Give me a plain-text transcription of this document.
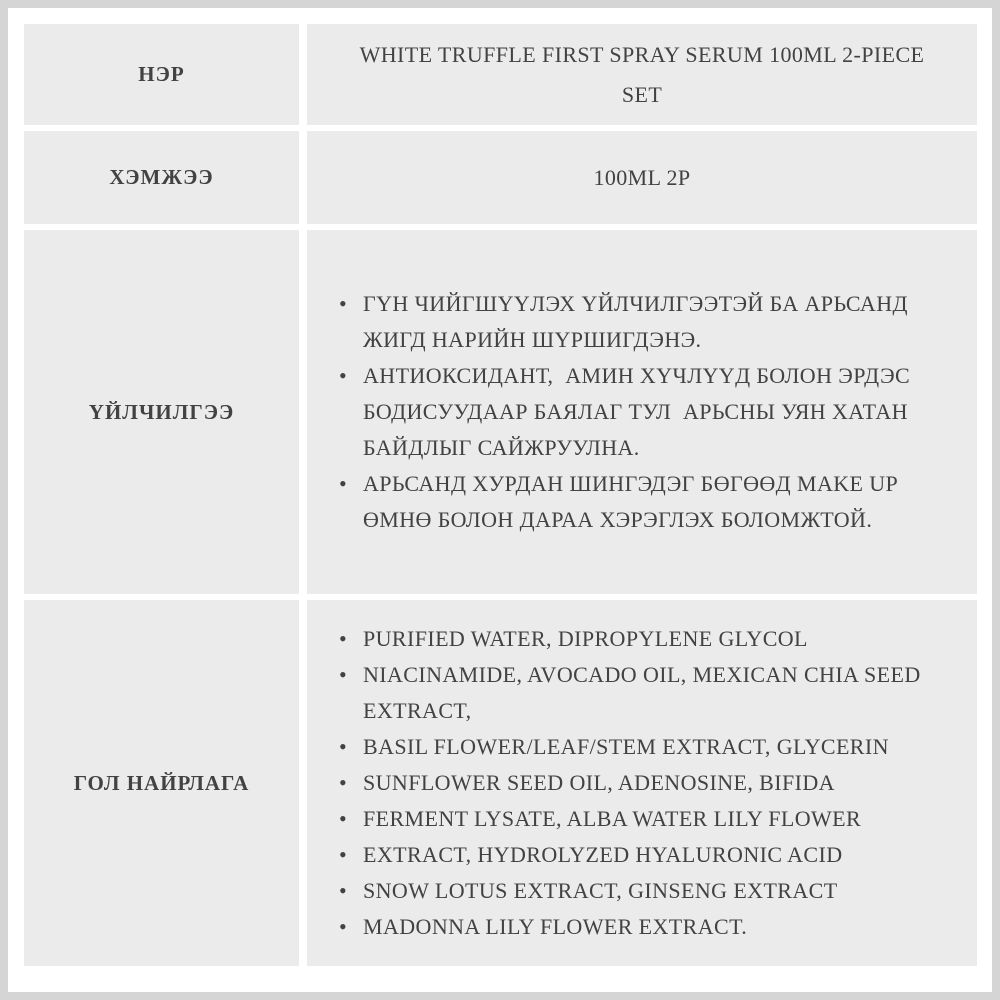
НЭР
WHITE TRUFFLE FIRST SPRAY SERUM 100ML 2-PIECE SET
ХЭМЖЭЭ	100ML 2P
ҮЙЛЧИЛГЭЭ
• ГҮН ЧИЙГШҮҮЛЭХ ҮЙЛЧИЛГЭЭТЭЙ БА АРЬСАНД ЖИГД НАРИЙН ШҮРШИГДЭНЭ.
• АНТИОКСИДАНТ,  АМИН ХҮЧЛҮҮД БОЛОН ЭРДЭС БОДИСУУДААР БАЯЛАГ ТУЛ  АРЬСНЫ УЯН ХАТАН БАЙДЛЫГ САЙЖРУУЛНА.
• АРЬСАНД ХУРДАН ШИНГЭДЭГ БӨГӨӨД MAKE UP ӨМНӨ БОЛОН ДАРАА ХЭРЭГЛЭХ БОЛОМЖТОЙ.
ГОЛ НАЙРЛАГА
• PURIFIED WATER, DIPROPYLENE GLYCOL
• NIACINAMIDE, AVOCADO OIL, MEXICAN CHIA SEED EXTRACT,
• BASIL FLOWER/LEAF/STEM EXTRACT, GLYCERIN
• SUNFLOWER SEED OIL, ADENOSINE, BIFIDA
• FERMENT LYSATE, ALBA WATER LILY FLOWER
• EXTRACT, HYDROLYZED HYALURONIC ACID
• SNOW LOTUS EXTRACT, GINSENG EXTRACT
• MADONNA LILY FLOWER EXTRACT.
